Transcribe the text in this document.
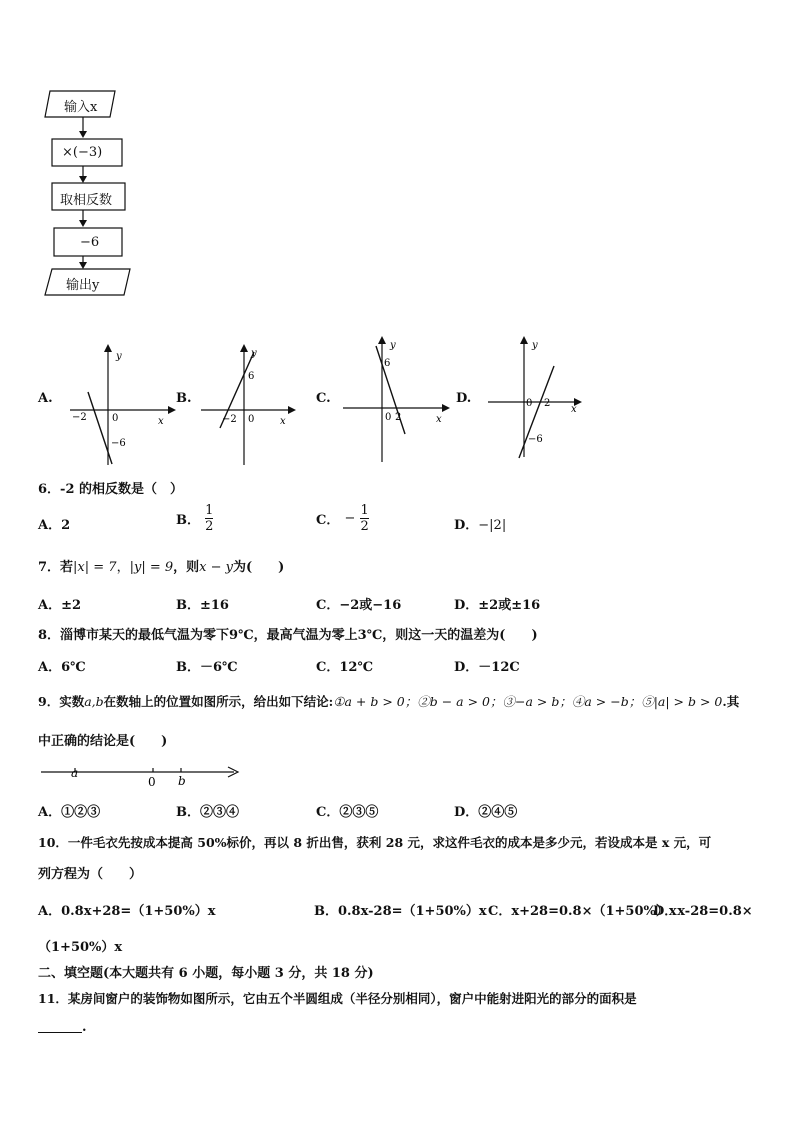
输入x
×(−3)
取相反数
−6
输出y
A.
y
x
0
−2
−6
B.
y
x
0
−2
6
C.
y
x
0 2
6
D.
y
x
0 2
−6
6．-2 的相反数是（　）
A．2	B． $\frac{1}{2}$	C． − $\frac{1}{2}$	D．−|2|
7．若|x| = 7，|y| = 9，则x − y为(　　)
A．±2	B．±16	C．−2或−16	D．±2或±16
8．淄博市某天的最低气温为零下9℃，最高气温为零上3℃，则这一天的温差为(　　)
A．6℃	B．－6℃	C．12℃	D．－12C
9．实数a,b在数轴上的位置如图所示，给出如下结论:①a + b > 0；②b − a > 0；③−a > b；④a > −b；⑤|a| > b > 0.其
中正确的结论是(　　)
a
0 b
A．①②③	B．②③④	C．②③⑤	D．②④⑤
10．一件毛衣先按成本提高 50%标价，再以 8 折出售，获利 28 元，求这件毛衣的成本是多少元，若设成本是 x 元，可
列方程为（　　）
A．0.8x+28=（1+50%）x	B．0.8x-28=（1+50%）x C．x+28=0.8×（1+50%）x
D．x-28=0.8×
（1+50%）x
二、填空题(本大题共有 6 小题，每小题 3 分，共 18 分)
11．某房间窗户的装饰物如图所示，它由五个半圆组成（半径分别相同），窗户中能射进阳光的部分的面积是
.
